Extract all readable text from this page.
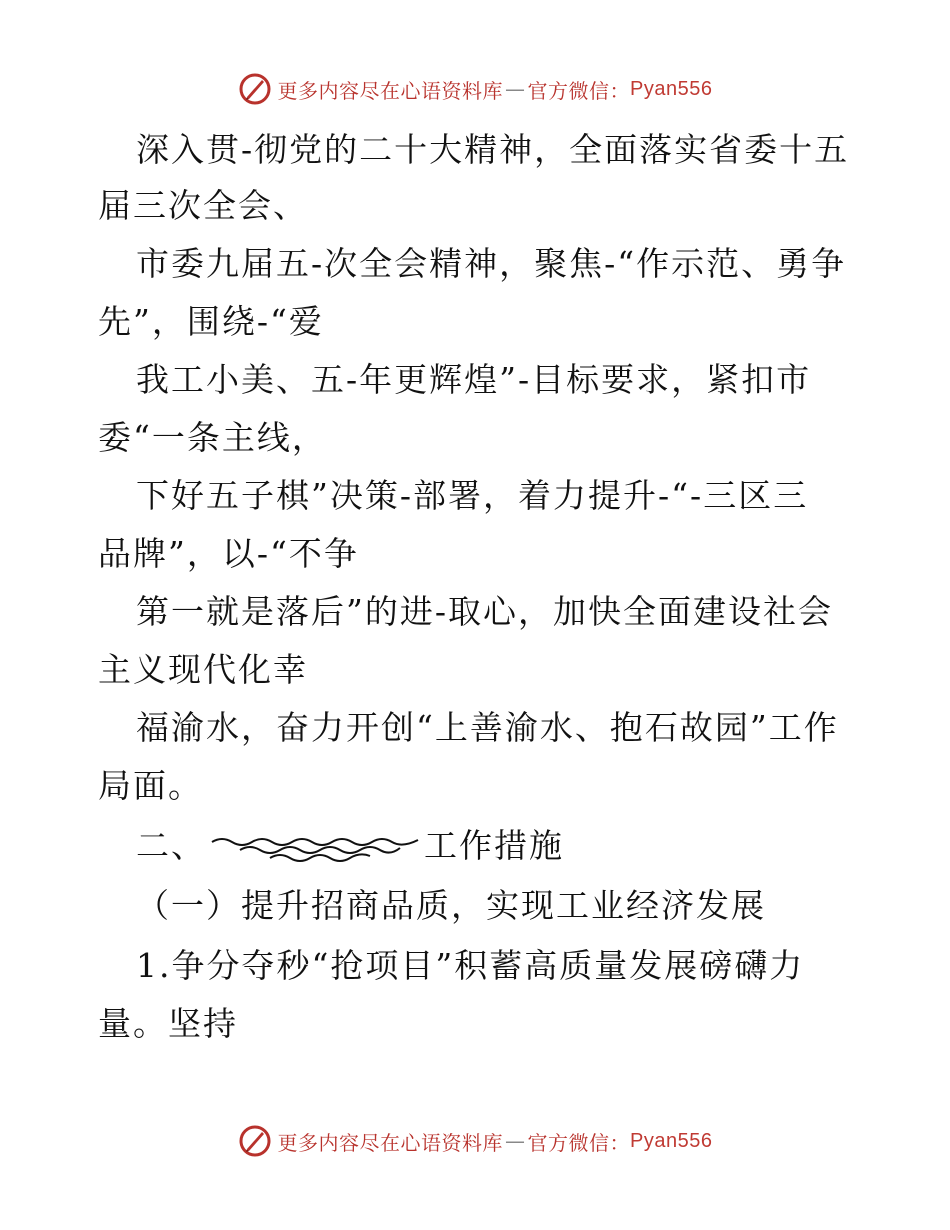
更多内容尽在心语资料库 — 官方微信： Pyan556
深入贯-彻党的二十大精神，全面落实省委十五
届三次全会、
市委九届五-次全会精神，聚焦-“作示范、勇争
先”，围绕-“爱
我工小美、五-年更辉煌”-目标要求，紧扣市
委“一条主线，
下好五子棋”决策-部署，着力提升-“-三区三
品牌”，以-“不争
第一就是落后”的进-取心，加快全面建设社会
主义现代化幸
福渝水，奋力开创“上善渝水、抱石故园”工作
局面。
二、	工作措施
（一）提升招商品质，实现工业经济发展
1.争分夺秒“抢项目”积蓄高质量发展磅礴力
量。坚持
更多内容尽在心语资料库 — 官方微信： Pyan556
